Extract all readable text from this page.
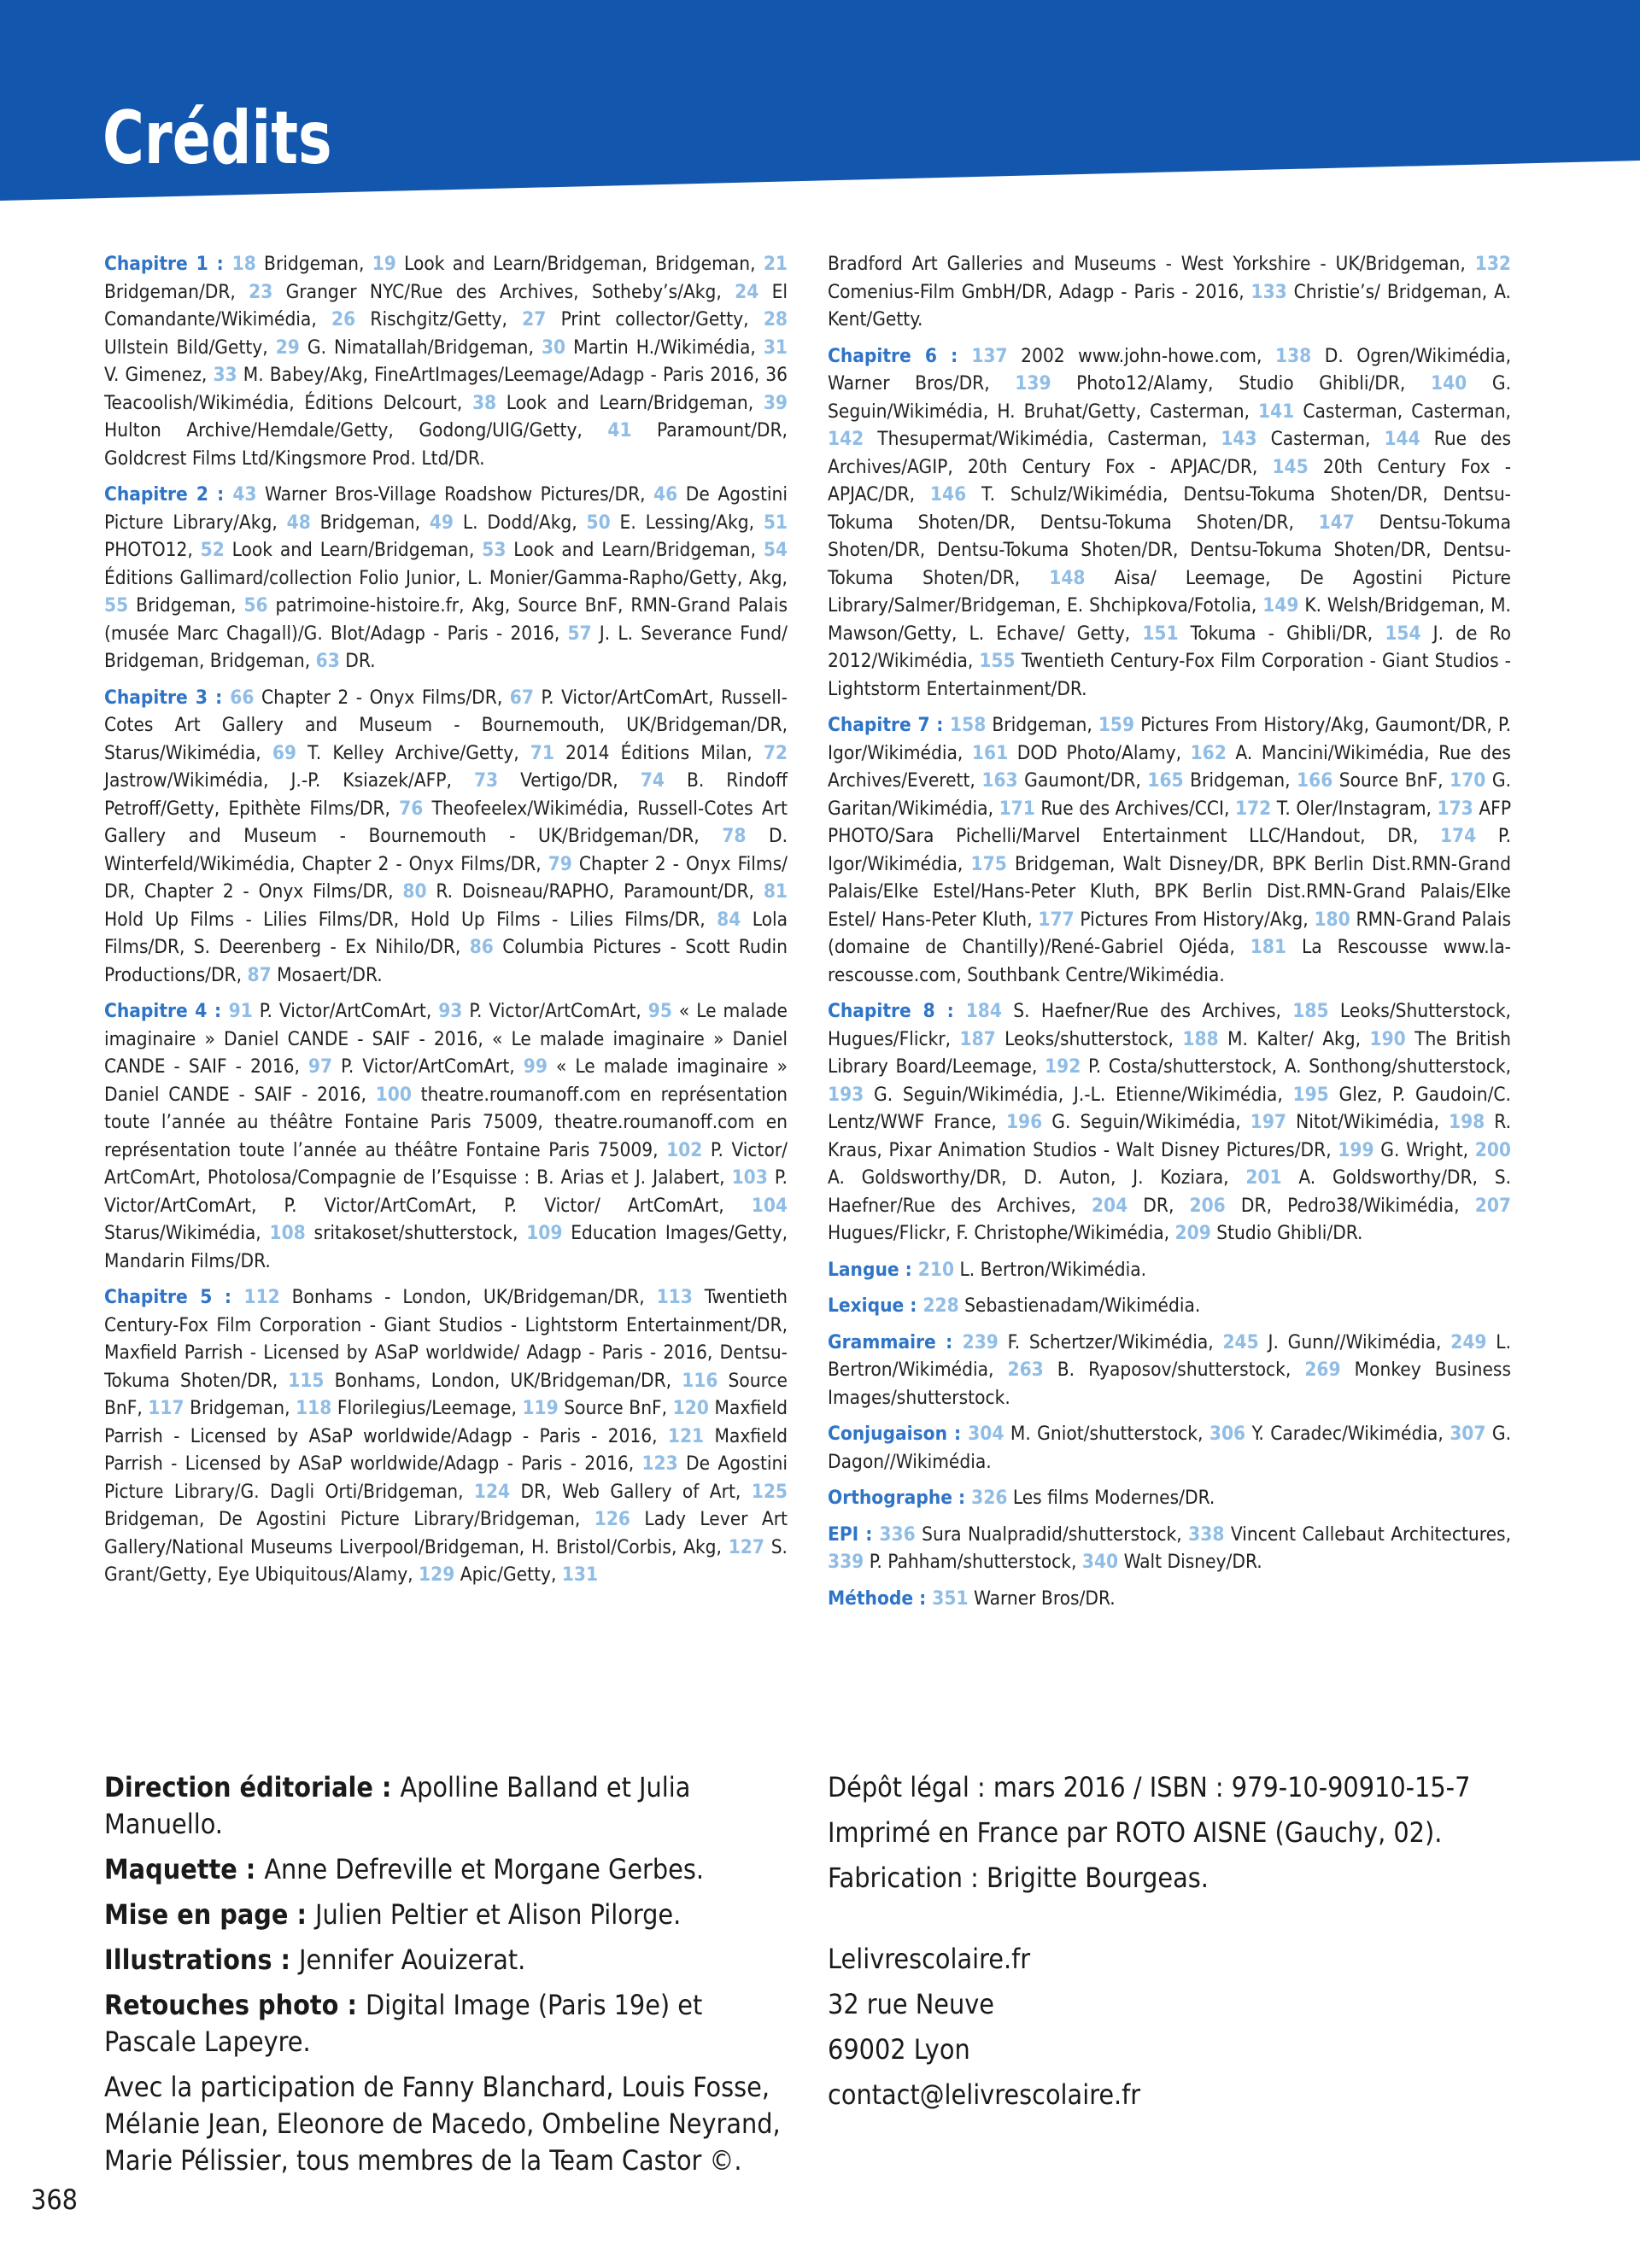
Crédits

Chapitre 1 : 18 Bridgeman, 19 Look and Learn/Bridgeman, Bridgeman, 21 Bridgeman/DR, 23 Granger NYC/Rue des Archives, Sotheby’s/Akg, 24 El Comandante/Wikimédia, 26 Rischgitz/Getty, 27 Print collector/Getty, 28 Ullstein Bild/Getty, 29 G. Nimatallah/Bridgeman, 30 Martin H./Wikimédia, 31 V. Gimenez, 33 M. Babey/Akg, FineArtImages/Leemage/Adagp - Paris 2016, 36 Teacoolish/Wikimédia, Éditions Delcourt, 38 Look and Learn/Bridgeman, 39 Hulton Archive/Hemdale/Getty, Godong/UIG/Getty, 41 Paramount/DR, Goldcrest Films Ltd/Kingsmore Prod. Ltd/DR.

Chapitre 2 : 43 Warner Bros-Village Roadshow Pictures/DR, 46 De Agostini Picture Library/Akg, 48 Bridgeman, 49 L. Dodd/Akg, 50 E. Lessing/Akg, 51 PHOTO12, 52 Look and Learn/Bridgeman, 53 Look and Learn/Bridgeman, 54 Éditions Gallimard/collection Folio Junior, L. Monier/Gamma-Rapho/Getty, Akg, 55 Bridgeman, 56 patrimoine-histoire.fr, Akg, Source BnF, RMN-Grand Palais (musée Marc Chagall)/G. Blot/Adagp - Paris - 2016, 57 J. L. Severance Fund/ Bridgeman, Bridgeman, 63 DR.

Chapitre 3 : 66 Chapter 2 - Onyx Films/DR, 67 P. Victor/ArtComArt, Russell-Cotes Art Gallery and Museum - Bournemouth, UK/Bridgeman/DR, Starus/Wikimédia, 69 T. Kelley Archive/Getty, 71 2014 Éditions Milan, 72 Jastrow/Wikimédia, J.-P. Ksiazek/AFP, 73 Vertigo/DR, 74 B. Rindoff Petroff/Getty, Epithète Films/DR, 76 Theofeelex/Wikimédia, Russell-Cotes Art Gallery and Museum - Bournemouth - UK/Bridgeman/DR, 78 D. Winterfeld/Wikimédia, Chapter 2 - Onyx Films/DR, 79 Chapter 2 - Onyx Films/ DR, Chapter 2 - Onyx Films/DR, 80 R. Doisneau/RAPHO, Paramount/DR, 81 Hold Up Films - Lilies Films/DR, Hold Up Films - Lilies Films/DR, 84 Lola Films/DR, S. Deerenberg - Ex Nihilo/DR, 86 Columbia Pictures - Scott Rudin Productions/DR, 87 Mosaert/DR.

Chapitre 4 : 91 P. Victor/ArtComArt, 93 P. Victor/ArtComArt, 95 « Le malade imaginaire » Daniel CANDE - SAIF - 2016, « Le malade imaginaire » Daniel CANDE - SAIF - 2016, 97 P. Victor/ArtComArt, 99 « Le malade imaginaire » Daniel CANDE - SAIF - 2016, 100 theatre.roumanoff.com en représentation toute l’année au théâtre Fontaine Paris 75009, theatre.roumanoff.com en représentation toute l’année au théâtre Fontaine Paris 75009, 102 P. Victor/ ArtComArt, Photolosa/Compagnie de l’Esquisse : B. Arias et J. Jalabert, 103 P. Victor/ArtComArt, P. Victor/ArtComArt, P. Victor/ ArtComArt, 104 Starus/Wikimédia, 108 sritakoset/shutterstock, 109 Education Images/Getty, Mandarin Films/DR.

Chapitre 5 : 112 Bonhams - London, UK/Bridgeman/DR, 113 Twentieth Century-Fox Film Corporation - Giant Studios - Lightstorm Entertainment/DR, Maxfield Parrish - Licensed by ASaP worldwide/ Adagp - Paris - 2016, Dentsu-Tokuma Shoten/DR, 115 Bonhams, London, UK/Bridgeman/DR, 116 Source BnF, 117 Bridgeman, 118 Florilegius/Leemage, 119 Source BnF, 120 Maxfield Parrish - Licensed by ASaP worldwide/Adagp - Paris - 2016, 121 Maxfield Parrish - Licensed by ASaP worldwide/Adagp - Paris - 2016, 123 De Agostini Picture Library/G. Dagli Orti/Bridgeman, 124 DR, Web Gallery of Art, 125 Bridgeman, De Agostini Picture Library/Bridgeman, 126 Lady Lever Art Gallery/National Museums Liverpool/Bridgeman, H. Bristol/Corbis, Akg, 127 S. Grant/Getty, Eye Ubiquitous/Alamy, 129 Apic/Getty, 131

Bradford Art Galleries and Museums - West Yorkshire - UK/Bridgeman, 132 Comenius-Film GmbH/DR, Adagp - Paris - 2016, 133 Christie’s/ Bridgeman, A. Kent/Getty.

Chapitre 6 : 137 2002 www.john-howe.com, 138 D. Ogren/Wikimédia, Warner Bros/DR, 139 Photo12/Alamy, Studio Ghibli/DR, 140 G. Seguin/Wikimédia, H. Bruhat/Getty, Casterman, 141 Casterman, Casterman, 142 Thesupermat/Wikimédia, Casterman, 143 Casterman, 144 Rue des Archives/AGIP, 20th Century Fox - APJAC/DR, 145 20th Century Fox - APJAC/DR, 146 T. Schulz/Wikimédia, Dentsu-Tokuma Shoten/DR, Dentsu-Tokuma Shoten/DR, Dentsu-Tokuma Shoten/DR, 147 Dentsu-Tokuma Shoten/DR, Dentsu-Tokuma Shoten/DR, Dentsu-Tokuma Shoten/DR, Dentsu-Tokuma Shoten/DR, 148 Aisa/ Leemage, De Agostini Picture Library/Salmer/Bridgeman, E. Shchipkova/Fotolia, 149 K. Welsh/Bridgeman, M. Mawson/Getty, L. Echave/ Getty, 151 Tokuma - Ghibli/DR, 154 J. de Ro 2012/Wikimédia, 155 Twentieth Century-Fox Film Corporation - Giant Studios - Lightstorm Entertainment/DR.

Chapitre 7 : 158 Bridgeman, 159 Pictures From History/Akg, Gaumont/DR, P. Igor/Wikimédia, 161 DOD Photo/Alamy, 162 A. Mancini/Wikimédia, Rue des Archives/Everett, 163 Gaumont/DR, 165 Bridgeman, 166 Source BnF, 170 G. Garitan/Wikimédia, 171 Rue des Archives/CCI, 172 T. Oler/Instagram, 173 AFP PHOTO/Sara Pichelli/Marvel Entertainment LLC/Handout, DR, 174 P. Igor/Wikimédia, 175 Bridgeman, Walt Disney/DR, BPK Berlin Dist.RMN-Grand Palais/Elke Estel/Hans-Peter Kluth, BPK Berlin Dist.RMN-Grand Palais/Elke Estel/ Hans-Peter Kluth, 177 Pictures From History/Akg, 180 RMN-Grand Palais (domaine de Chantilly)/René-Gabriel Ojéda, 181 La Rescousse www.la-rescousse.com, Southbank Centre/Wikimédia.

Chapitre 8 : 184 S. Haefner/Rue des Archives, 185 Leoks/Shutterstock, Hugues/Flickr, 187 Leoks/shutterstock, 188 M. Kalter/ Akg, 190 The British Library Board/Leemage, 192 P. Costa/shutterstock, A. Sonthong/shutterstock, 193 G. Seguin/Wikimédia, J.-L. Etienne/Wikimédia, 195 Glez, P. Gaudoin/C. Lentz/WWF France, 196 G. Seguin/Wikimédia, 197 Nitot/Wikimédia, 198 R. Kraus, Pixar Animation Studios - Walt Disney Pictures/DR, 199 G. Wright, 200 A. Goldsworthy/DR, D. Auton, J. Koziara, 201 A. Goldsworthy/DR, S. Haefner/Rue des Archives, 204 DR, 206 DR, Pedro38/Wikimédia, 207 Hugues/Flickr, F. Christophe/Wikimédia, 209 Studio Ghibli/DR.

Langue : 210 L. Bertron/Wikimédia.

Lexique : 228 Sebastienadam/Wikimédia.

Grammaire : 239 F. Schertzer/Wikimédia, 245 J. Gunn//Wikimédia, 249 L. Bertron/Wikimédia, 263 B. Ryaposov/shutterstock, 269 Monkey Business Images/shutterstock.

Conjugaison : 304 M. Gniot/shutterstock, 306 Y. Caradec/Wikimédia, 307 G. Dagon//Wikimédia.

Orthographe : 326 Les films Modernes/DR.

EPI : 336 Sura Nualpradid/shutterstock, 338 Vincent Callebaut Architectures, 339 P. Pahham/shutterstock, 340 Walt Disney/DR.

Méthode : 351 Warner Bros/DR.

Direction éditoriale : Apolline Balland et Julia Manuello.
Maquette : Anne Defreville et Morgane Gerbes.
Mise en page : Julien Peltier et Alison Pilorge.
Illustrations : Jennifer Aouizerat.
Retouches photo : Digital Image (Paris 19e) et Pascale Lapeyre.
Avec la participation de Fanny Blanchard, Louis Fosse, Mélanie Jean, Eleonore de Macedo, Ombeline Neyrand, Marie Pélissier, tous membres de la Team Castor ©.
Dépôt légal : mars 2016 / ISBN : 979-10-90910-15-7
Imprimé en France par ROTO AISNE (Gauchy, 02).
Fabrication : Brigitte Bourgeas.
Lelivrescolaire.fr
32 rue Neuve
69002 Lyon
contact@lelivrescolaire.fr
368
